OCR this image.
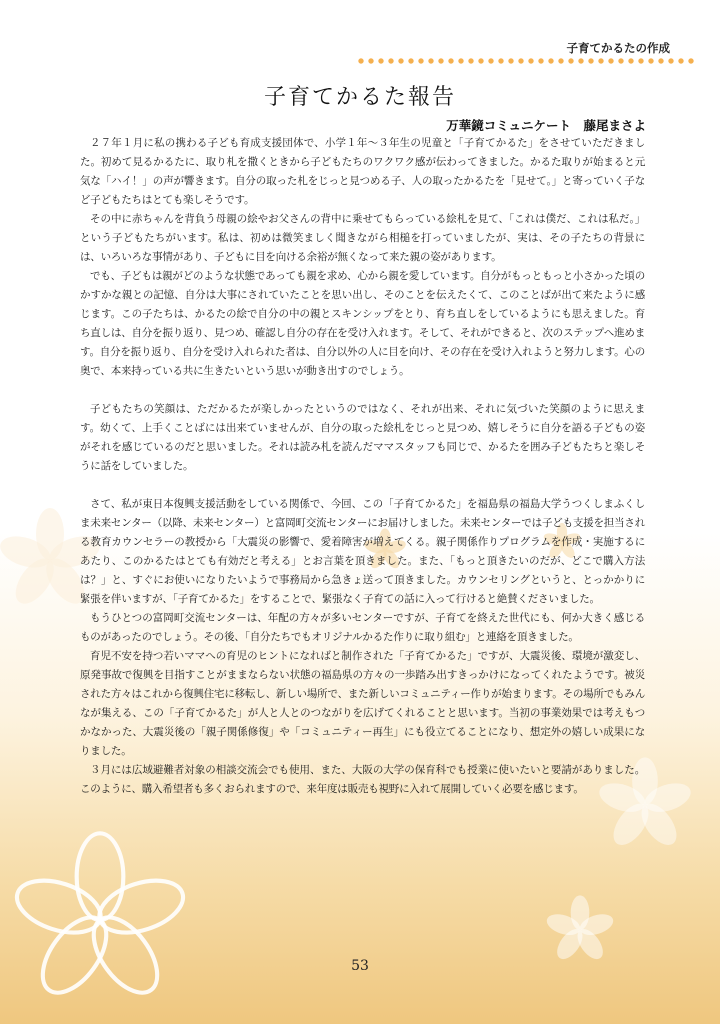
子育てかるたの作成
子育てかるた報告
万華鏡コミュニケート　藤尾まさよ

２７年１月に私の携わる子ども育成支援団体で、小学１年～３年生の児童と「子育てかるた」をさせていただきました。初めて見るかるたに、取り札を撒くときから子どもたちのワクワク感が伝わってきました。かるた取りが始まると元気な「ハイ！」の声が響きます。自分の取った札をじっと見つめる子、人の取ったかるたを「見せて。」と寄っていく子など子どもたちはとても楽しそうです。

その中に赤ちゃんを背負う母親の絵やお父さんの背中に乗せてもらっている絵札を見て、「これは僕だ、これは私だ。」という子どもたちがいます。私は、初めは微笑ましく聞きながら相槌を打っていましたが、実は、その子たちの背景には、いろいろな事情があり、子どもに目を向ける余裕が無くなって来た親の姿があります。

でも、子どもは親がどのような状態であっても親を求め、心から親を愛しています。自分がもっともっと小さかった頃のかすかな親との記憶、自分は大事にされていたことを思い出し、そのことを伝えたくて、このことばが出て来たように感じます。この子たちは、かるたの絵で自分の中の親とスキンシップをとり、育ち直しをしているようにも思えました。育ち直しは、自分を振り返り、見つめ、確認し自分の存在を受け入れます。そして、それができると、次のステップへ進めます。自分を振り返り、自分を受け入れられた者は、自分以外の人に目を向け、その存在を受け入れようと努力します。心の奥で、本来持っている共に生きたいという思いが動き出すのでしょう。

子どもたちの笑顔は、ただかるたが楽しかったというのではなく、それが出来、それに気づいた笑顔のように思えます。幼くて、上手くことばには出来ていませんが、自分の取った絵札をじっと見つめ、嬉しそうに自分を語る子どもの姿がそれを感じているのだと思いました。それは読み札を読んだママスタッフも同じで、かるたを囲み子どもたちと楽しそうに話をしていました。

さて、私が東日本復興支援活動をしている関係で、今回、この「子育てかるた」を福島県の福島大学うつくしまふくしま未来センター（以降、未来センター）と富岡町交流センターにお届けしました。未来センターでは子ども支援を担当される教育カウンセラーの教授から「大震災の影響で、愛着障害が増えてくる。親子関係作りプログラムを作成・実施するにあたり、このかるたはとても有効だと考える」とお言葉を頂きました。また、「もっと頂きたいのだが、どこで購入方法は？」と、すぐにお使いになりたいようで事務局から急きょ送って頂きました。カウンセリングというと、とっかかりに緊張を伴いますが、「子育てかるた」をすることで、緊張なく子育ての話に入って行けると絶賛くださいました。

もうひとつの富岡町交流センターは、年配の方々が多いセンターですが、子育てを終えた世代にも、何か大きく感じるものがあったのでしょう。その後、「自分たちでもオリジナルかるた作りに取り組む」と連絡を頂きました。

育児不安を持つ若いママへの育児のヒントになればと制作された「子育てかるた」ですが、大震災後、環境が激変し、原発事故で復興を目指すことがままならない状態の福島県の方々の一歩踏み出すきっかけになってくれたようです。被災された方々はこれから復興住宅に移転し、新しい場所で、また新しいコミュニティー作りが始まります。その場所でもみんなが集える、この「子育てかるた」が人と人とのつながりを広げてくれることと思います。当初の事業効果では考えもつかなかった、大震災後の「親子関係修復」や「コミュニティー再生」にも役立てることになり、想定外の嬉しい成果になりました。

３月には広域避難者対象の相談交流会でも使用、また、大阪の大学の保育科でも授業に使いたいと要請がありました。このように、購入希望者も多くおられますので、来年度は販売も視野に入れて展開していく必要を感じます。

53
